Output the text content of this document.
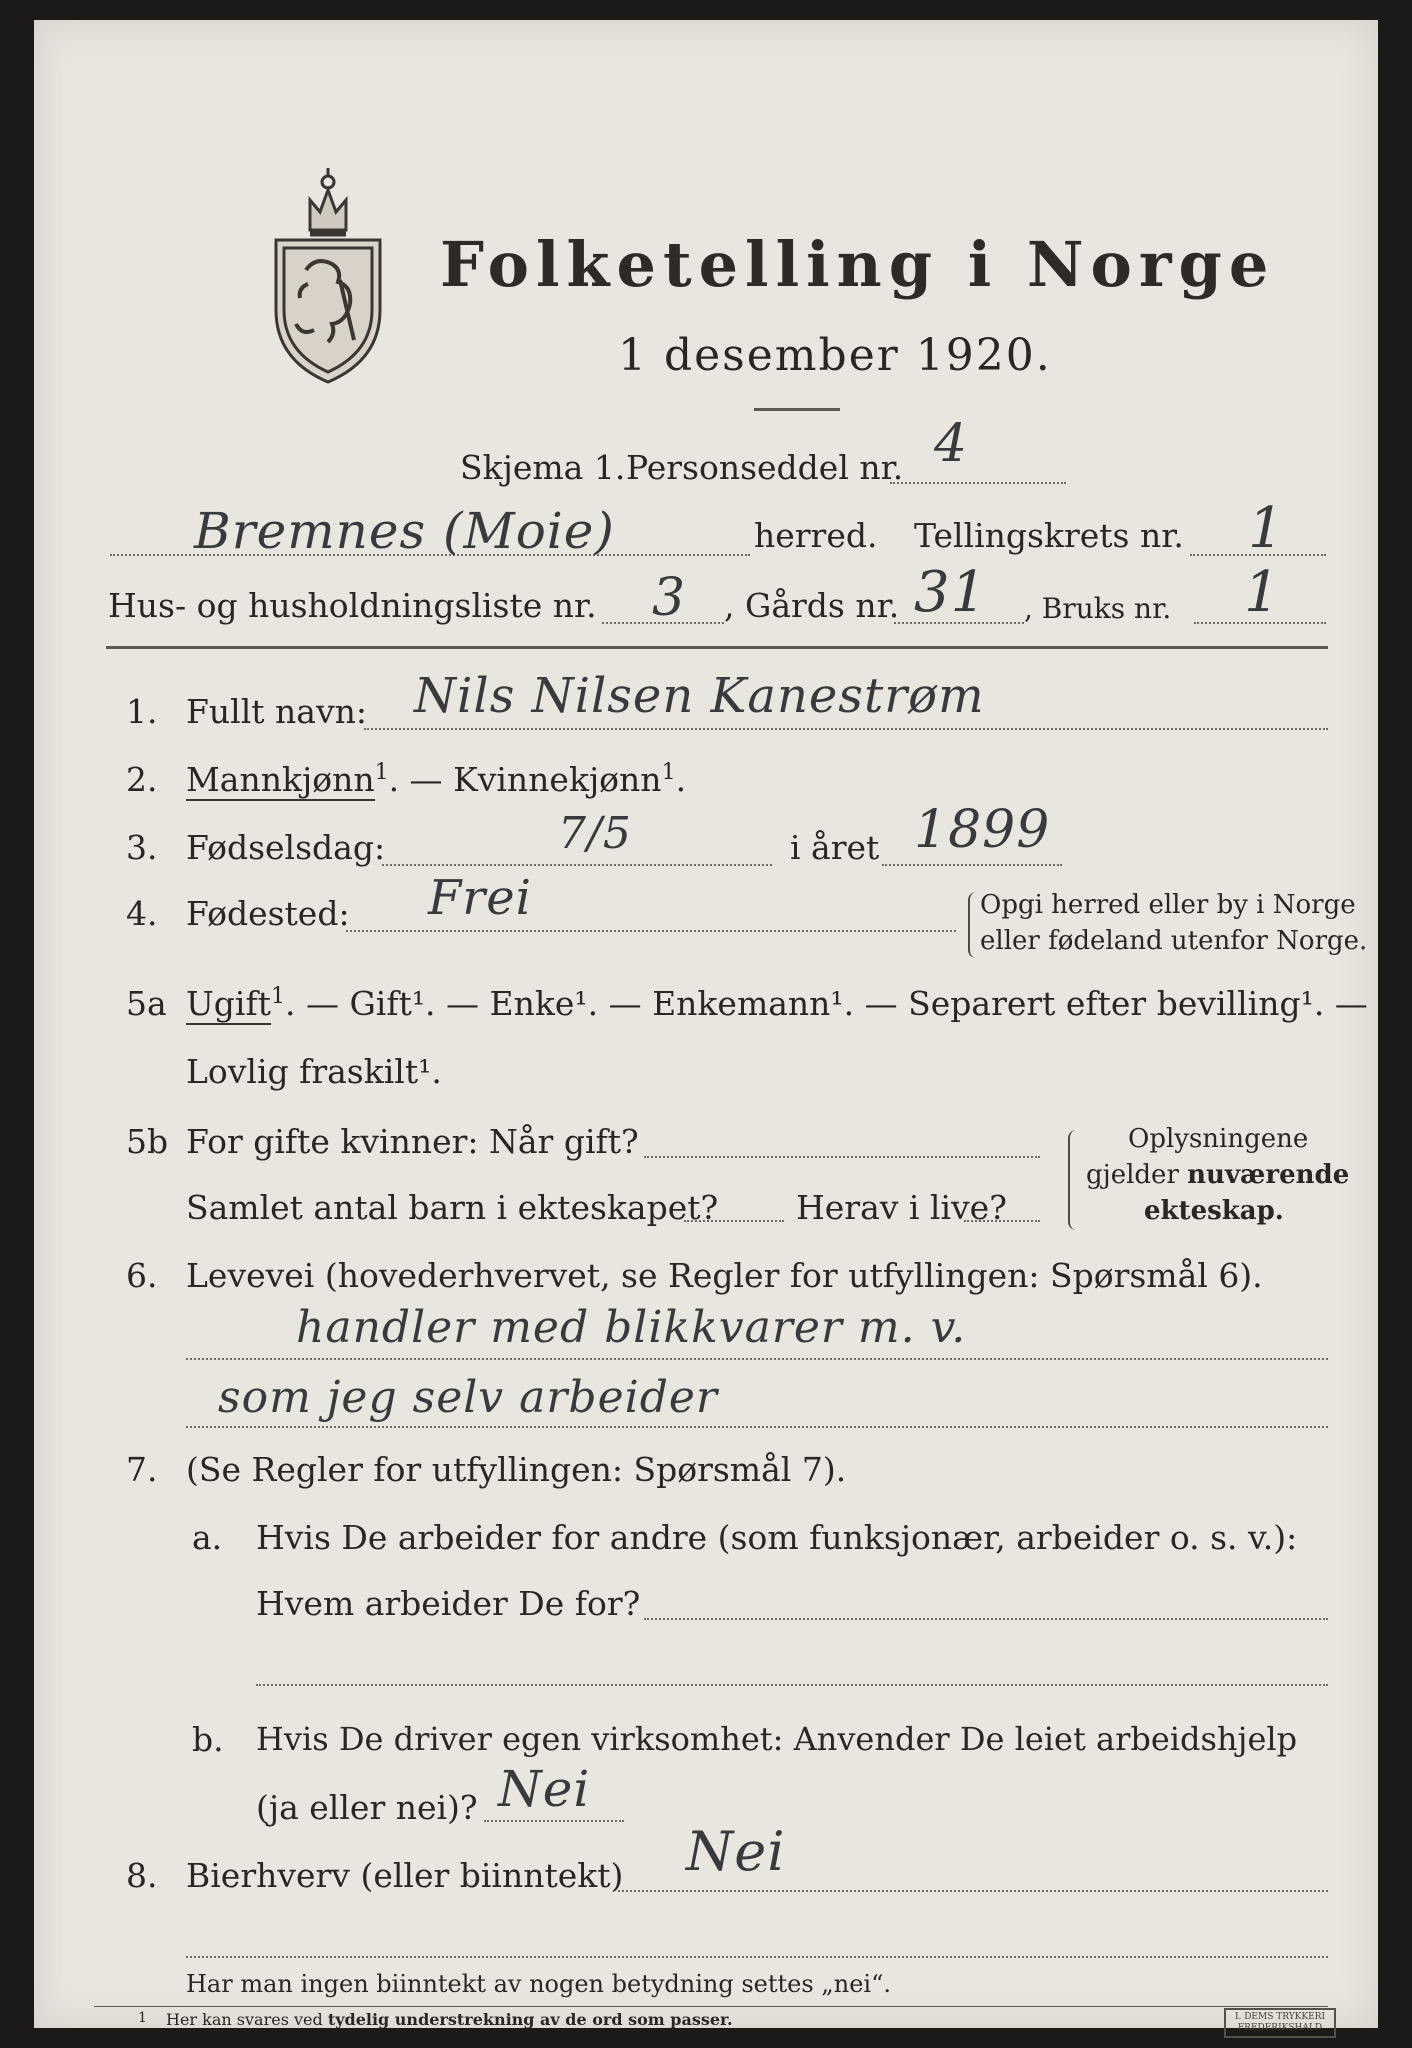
Folketelling i Norge
1 desember 1920.
Skjema 1. Personseddel nr. 4
Bremnes (Moie)	herred. Tellingskrets nr. 1
Hus- og husholdningsliste nr. 3 , Gårds nr. 31 , Bruks nr. 1
1. Fullt navn: Nils Nilsen Kanestrøm
2. Mannkjønn$^1$. — Kvinnekjønn$^1$.
3. Fødselsdag:	7/5	i året 1899
4. Fødested: Frei	Opgi herred eller by i Norge
eller fødeland utenfor Norge.
5a Ugift$^1$. — Gift¹. — Enke¹. — Enkemann¹. — Separert efter bevilling¹. —
Lovlig fraskilt¹.
5b For gifte kvinner: Når gift?
Samlet antal barn i ekteskapet? Herav i live?
Oplysningene
gjelder nuværende
ekteskap.
6. Levevei (hovederhvervet, se Regler for utfyllingen: Spørsmål 6).
handler med blikkvarer m. v.
som jeg selv arbeider
7. (Se Regler for utfyllingen: Spørsmål 7).
a. Hvis De arbeider for andre (som funksjonær, arbeider o. s. v.):
Hvem arbeider De for?
b. Hvis De driver egen virksomhet: Anvender De leiet arbeidshjelp
(ja eller nei)? Nei
8. Bierhverv (eller biinntekt) Nei
Har man ingen biinntekt av nogen betydning settes „nei“.
1 Her kan svares ved tydelig understrekning av de ord som passer.	I. DEMS TRYKKERI
FREDERIKSHALD
